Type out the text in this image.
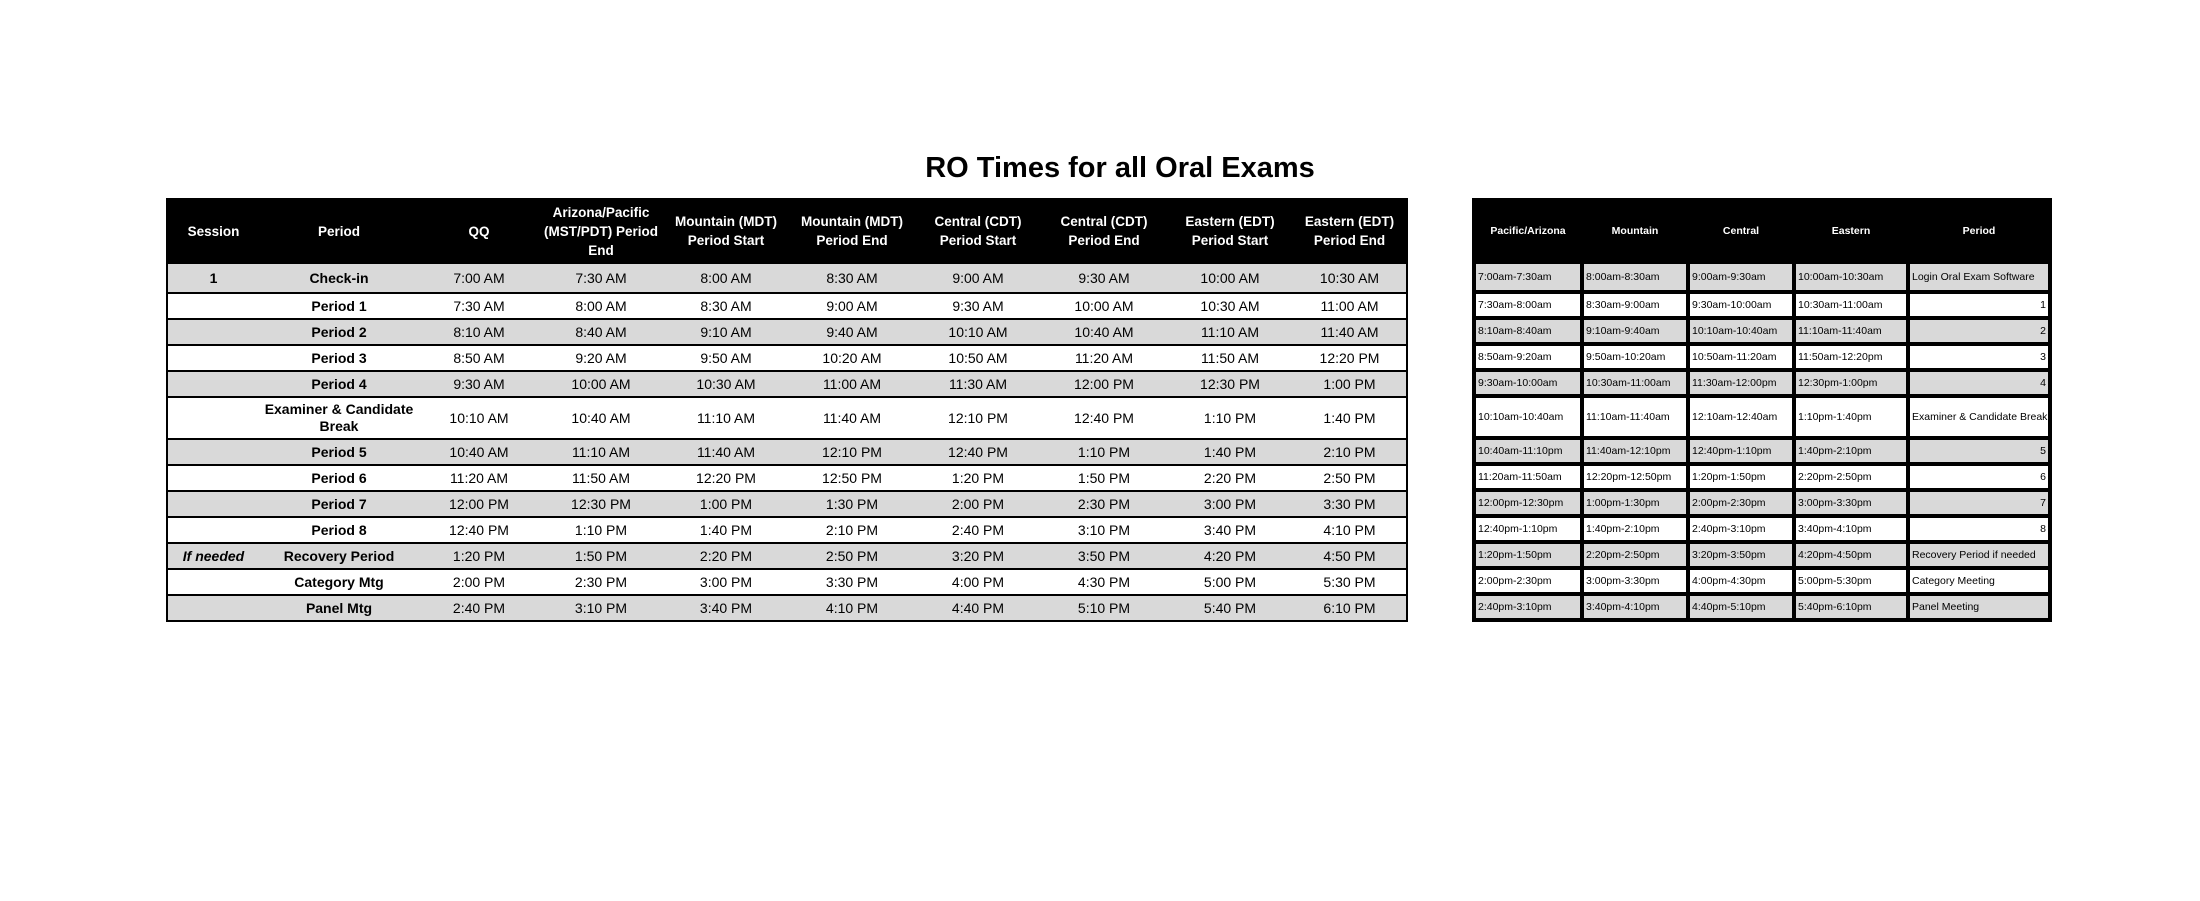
RO Times for all Oral Exams
Session	Period	QQ	Arizona/Pacific (MST/PDT) Period End	Mountain (MDT) Period Start	Mountain (MDT) Period End	Central (CDT) Period Start	Central (CDT) Period End	Eastern (EDT) Period Start	Eastern (EDT) Period End
1	Check-in	7:00 AM	7:30 AM	8:00 AM	8:30 AM	9:00 AM	9:30 AM	10:00 AM	10:30 AM
	Period 1	7:30 AM	8:00 AM	8:30 AM	9:00 AM	9:30 AM	10:00 AM	10:30 AM	11:00 AM
	Period 2	8:10 AM	8:40 AM	9:10 AM	9:40 AM	10:10 AM	10:40 AM	11:10 AM	11:40 AM
	Period 3	8:50 AM	9:20 AM	9:50 AM	10:20 AM	10:50 AM	11:20 AM	11:50 AM	12:20 PM
	Period 4	9:30 AM	10:00 AM	10:30 AM	11:00 AM	11:30 AM	12:00 PM	12:30 PM	1:00 PM
	Examiner & Candidate Break	10:10 AM	10:40 AM	11:10 AM	11:40 AM	12:10 PM	12:40 PM	1:10 PM	1:40 PM
	Period 5	10:40 AM	11:10 AM	11:40 AM	12:10 PM	12:40 PM	1:10 PM	1:40 PM	2:10 PM
	Period 6	11:20 AM	11:50 AM	12:20 PM	12:50 PM	1:20 PM	1:50 PM	2:20 PM	2:50 PM
	Period 7	12:00 PM	12:30 PM	1:00 PM	1:30 PM	2:00 PM	2:30 PM	3:00 PM	3:30 PM
	Period 8	12:40 PM	1:10 PM	1:40 PM	2:10 PM	2:40 PM	3:10 PM	3:40 PM	4:10 PM
If needed	Recovery Period	1:20 PM	1:50 PM	2:20 PM	2:50 PM	3:20 PM	3:50 PM	4:20 PM	4:50 PM
	Category Mtg	2:00 PM	2:30 PM	3:00 PM	3:30 PM	4:00 PM	4:30 PM	5:00 PM	5:30 PM
	Panel Mtg	2:40 PM	3:10 PM	3:40 PM	4:10 PM	4:40 PM	5:10 PM	5:40 PM	6:10 PM
Pacific/Arizona	Mountain	Central	Eastern	Period
7:00am-7:30am	8:00am-8:30am	9:00am-9:30am	10:00am-10:30am	Login Oral Exam Software
7:30am-8:00am	8:30am-9:00am	9:30am-10:00am	10:30am-11:00am	1
8:10am-8:40am	9:10am-9:40am	10:10am-10:40am	11:10am-11:40am	2
8:50am-9:20am	9:50am-10:20am	10:50am-11:20am	11:50am-12:20pm	3
9:30am-10:00am	10:30am-11:00am	11:30am-12:00pm	12:30pm-1:00pm	4
10:10am-10:40am	11:10am-11:40am	12:10am-12:40am	1:10pm-1:40pm	Examiner & Candidate Break
10:40am-11:10pm	11:40am-12:10pm	12:40pm-1:10pm	1:40pm-2:10pm	5
11:20am-11:50am	12:20pm-12:50pm	1:20pm-1:50pm	2:20pm-2:50pm	6
12:00pm-12:30pm	1:00pm-1:30pm	2:00pm-2:30pm	3:00pm-3:30pm	7
12:40pm-1:10pm	1:40pm-2:10pm	2:40pm-3:10pm	3:40pm-4:10pm	8
1:20pm-1:50pm	2:20pm-2:50pm	3:20pm-3:50pm	4:20pm-4:50pm	Recovery Period if needed
2:00pm-2:30pm	3:00pm-3:30pm	4:00pm-4:30pm	5:00pm-5:30pm	Category Meeting
2:40pm-3:10pm	3:40pm-4:10pm	4:40pm-5:10pm	5:40pm-6:10pm	Panel Meeting
